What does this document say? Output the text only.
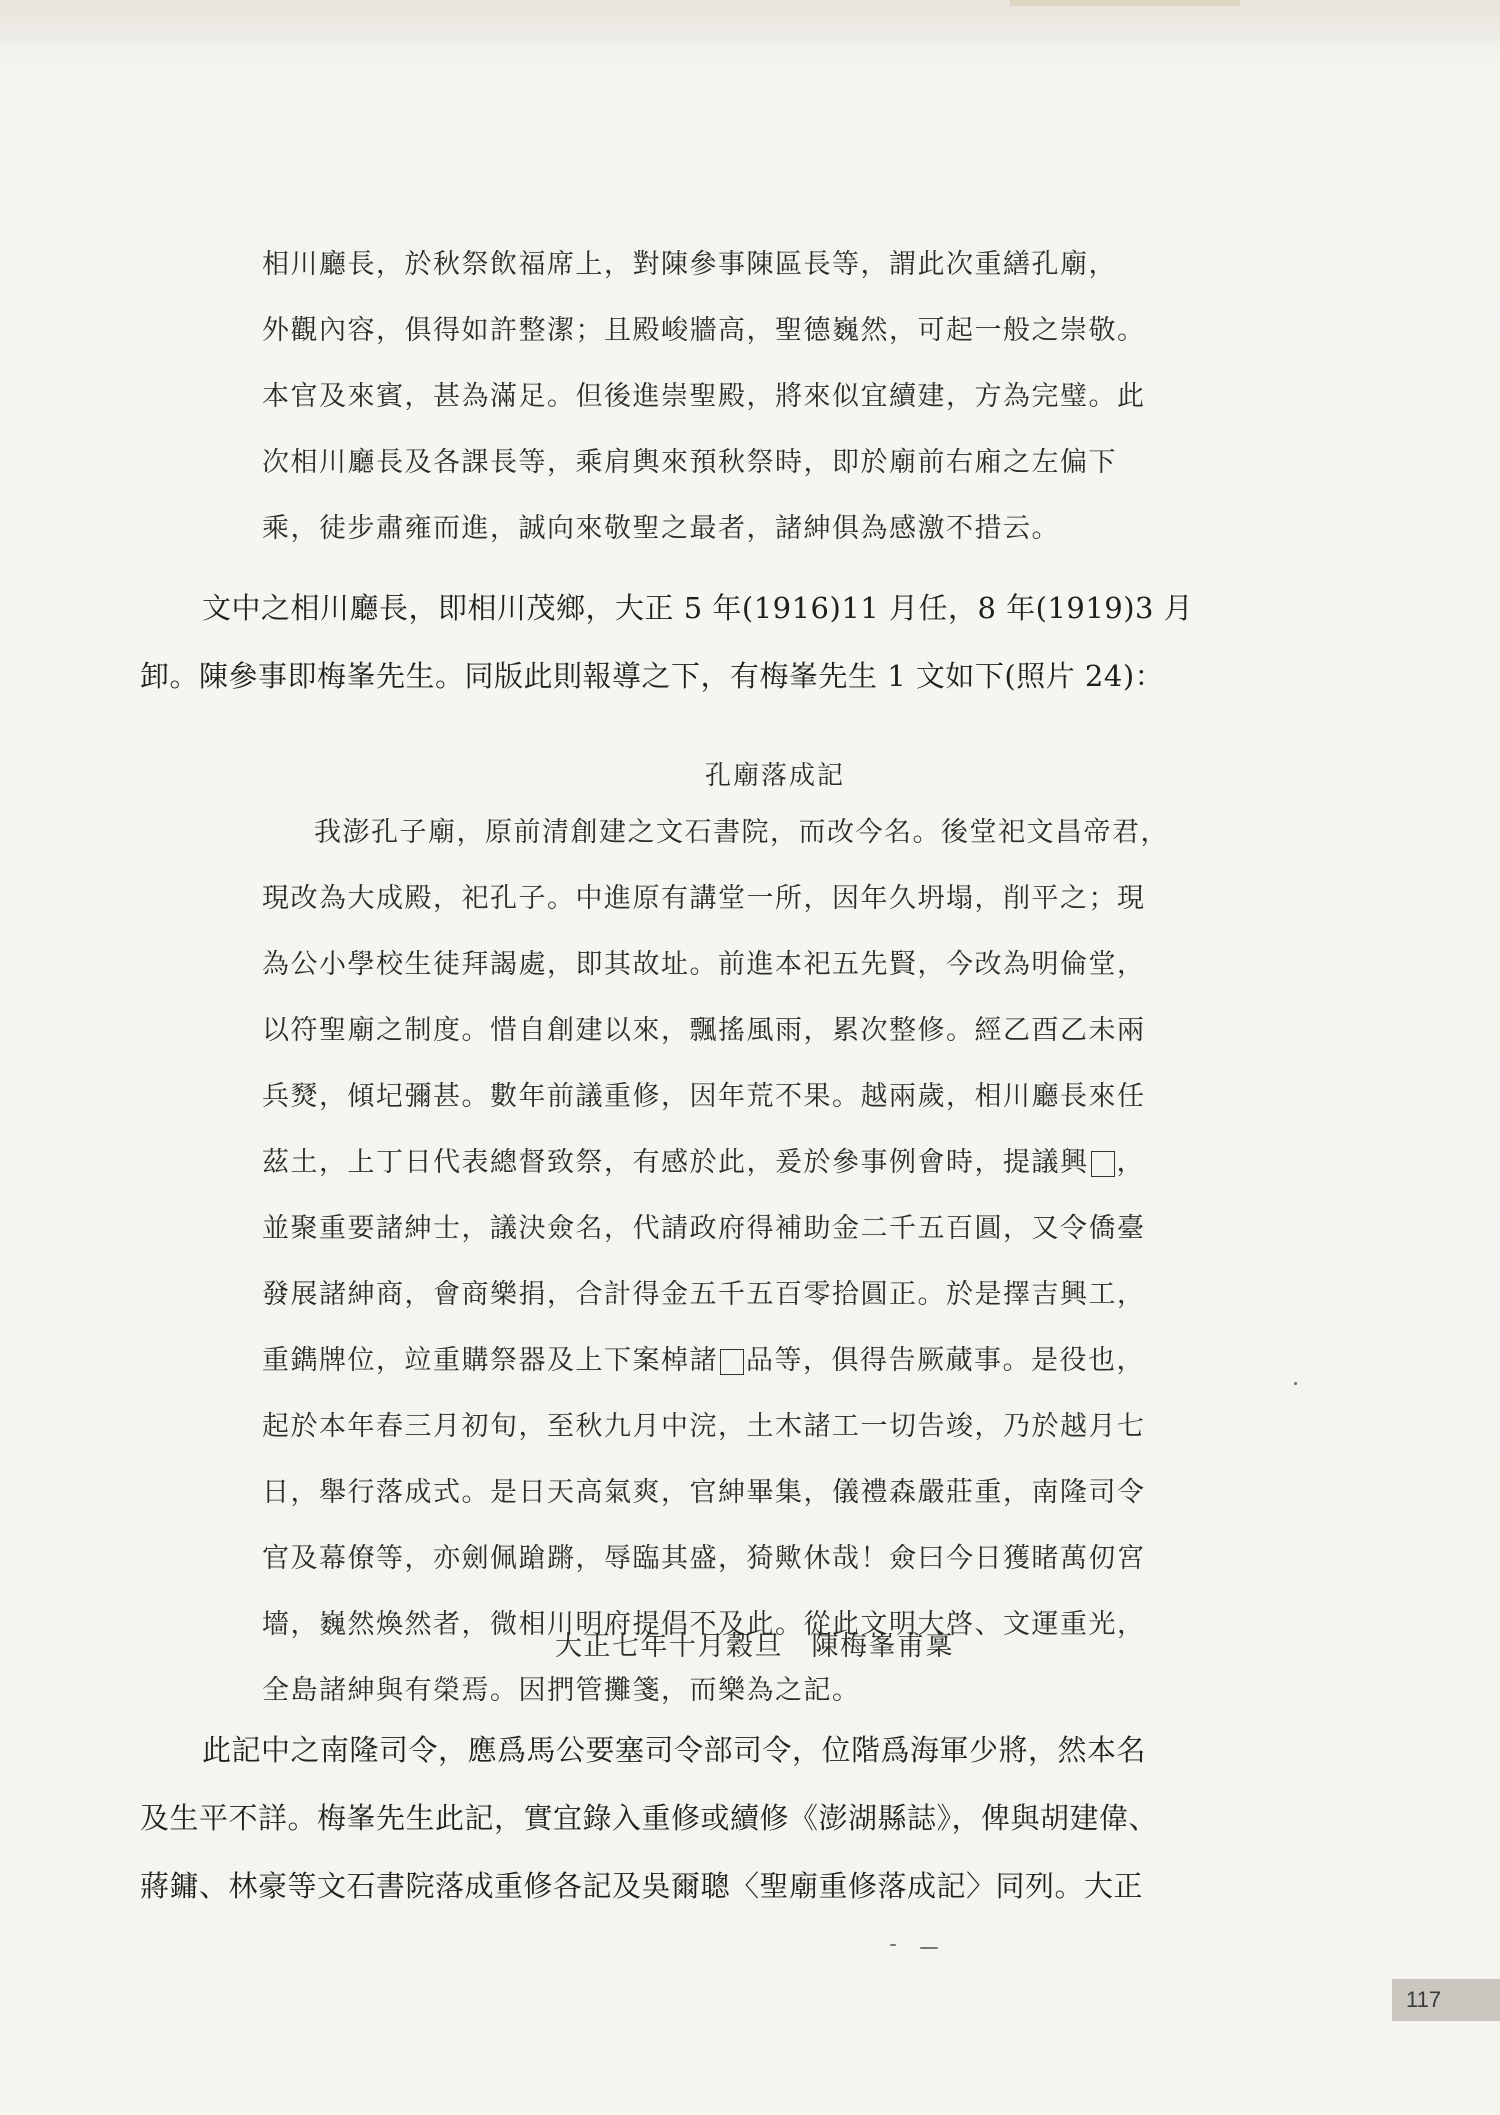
相川廳長，於秋祭飲福席上，對陳參事陳區長等，謂此次重繕孔廟，
外觀內容，俱得如許整潔；且殿峻牆高，聖德巍然，可起一般之崇敬。
本官及來賓，甚為滿足。但後進崇聖殿，將來似宜續建，方為完璧。此
次相川廳長及各課長等，乘肩輿來預秋祭時，即於廟前右廂之左偏下
乘，徒步肅雍而進，誠向來敬聖之最者，諸紳俱為感激不措云。
文中之相川廳長，即相川茂鄉，大正 5 年(1916)11 月任，8 年(1919)3 月
卸。陳參事即梅峯先生。同版此則報導之下，有梅峯先生 1 文如下(照片 24)：
孔廟落成記
我澎孔子廟，原前清創建之文石書院，而改今名。後堂祀文昌帝君，
現改為大成殿，祀孔子。中進原有講堂一所，因年久坍塌，削平之；現
為公小學校生徒拜謁處，即其故址。前進本祀五先賢，今改為明倫堂，
以符聖廟之制度。惜自創建以來，飄搖風雨，累次整修。經乙酉乙未兩
兵燹，傾圮彌甚。數年前議重修，因年荒不果。越兩歲，相川廳長來任
茲土，上丁日代表總督致祭，有感於此，爰於參事例會時，提議興 ，
並聚重要諸紳士，議決僉名，代請政府得補助金二千五百圓，又令僑臺
發展諸紳商，會商樂捐，合計得金五千五百零拾圓正。於是擇吉興工，
重鐫牌位，竝重購祭器及上下案棹諸 品等，俱得告厥蕆事。是役也，
起於本年春三月初旬，至秋九月中浣，土木諸工一切告竣，乃於越月七
日，舉行落成式。是日天高氣爽，官紳畢集，儀禮森嚴莊重，南隆司令
官及幕僚等，亦劍佩蹌蹡，辱臨其盛，猗歟休哉！僉曰今日獲睹萬仞宮
墻，巍然煥然者，微相川明府提倡不及此。從此文明大啓、文運重光，
全島諸紳與有榮焉。因捫管攤箋，而樂為之記。
大正七年十月穀旦　陳梅峯甫稟
此記中之南隆司令，應爲馬公要塞司令部司令，位階爲海軍少將，然本名
及生平不詳。梅峯先生此記，實宜錄入重修或續修《澎湖縣誌》，俾與胡建偉、
蔣鏞、林豪等文石書院落成重修各記及吳爾聰〈聖廟重修落成記〉同列。大正
117
